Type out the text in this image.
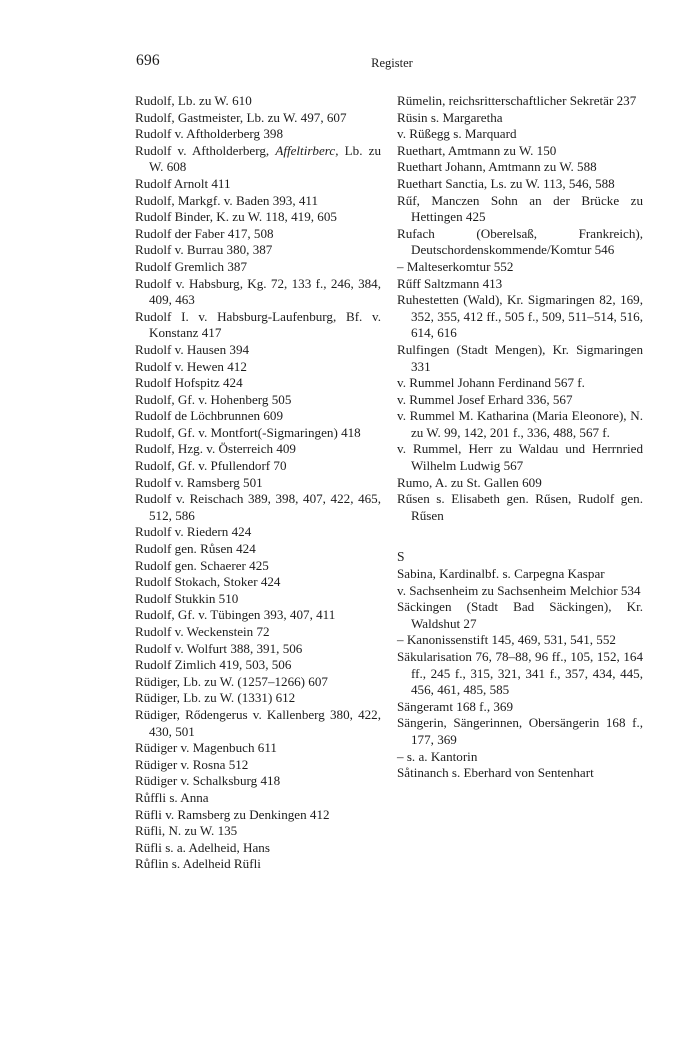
696	Register
Rudolf, Lb. zu W. 610
Rudolf, Gastmeister, Lb. zu W. 497, 607
Rudolf v. Aftholderberg 398
Rudolf v. Aftholderberg, Affeltirberc, Lb. zu W. 608
Rudolf Arnolt 411
Rudolf, Markgf. v. Baden 393, 411
Rudolf Binder, K. zu W. 118, 419, 605
Rudolf der Faber 417, 508
Rudolf v. Burrau 380, 387
Rudolf Gremlich 387
Rudolf v. Habsburg, Kg. 72, 133 f., 246, 384, 409, 463
Rudolf I. v. Habsburg-Laufenburg, Bf. v. Konstanz 417
Rudolf v. Hausen 394
Rudolf v. Hewen 412
Rudolf Hofspitz 424
Rudolf, Gf. v. Hohenberg 505
Rudolf de Löchbrunnen 609
Rudolf, Gf. v. Montfort(-Sigmaringen) 418
Rudolf, Hzg. v. Österreich 409
Rudolf, Gf. v. Pfullendorf 70
Rudolf v. Ramsberg 501
Rudolf v. Reischach 389, 398, 407, 422, 465, 512, 586
Rudolf v. Riedern 424
Rudolf gen. Růsen 424
Rudolf gen. Schaerer 425
Rudolf Stokach, Stoker 424
Rudolf Stukkin 510
Rudolf, Gf. v. Tübingen 393, 407, 411
Rudolf v. Weckenstein 72
Rudolf v. Wolfurt 388, 391, 506
Rudolf Zimlich 419, 503, 506
Rüdiger, Lb. zu W. (1257–1266) 607
Rüdiger, Lb. zu W. (1331) 612
Rüdiger, Rődengerus v. Kallenberg 380, 422, 430, 501
Rüdiger v. Magenbuch 611
Rüdiger v. Rosna 512
Rüdiger v. Schalksburg 418
Růffli s. Anna
Rüfli v. Ramsberg zu Denkingen 412
Rüfli, N. zu W. 135
Rüfli s. a. Adelheid, Hans
Růflin s. Adelheid Rüfli
Rümelin, reichsritterschaftlicher Sekretär 237
Rüsin s. Margaretha
v. Rüßegg s. Marquard
Ruethart, Amtmann zu W. 150
Ruethart Johann, Amtmann zu W. 588
Ruethart Sanctia, Ls. zu W. 113, 546, 588
Rűf, Manczen Sohn an der Brücke zu Hettingen 425
Rufach (Oberelsaß, Frankreich), Deutschordenskommende/Komtur 546
– Malteserkomtur 552
Rűff Saltzmann 413
Ruhestetten (Wald), Kr. Sigmaringen 82, 169, 352, 355, 412 ff., 505 f., 509, 511–514, 516, 614, 616
Rulfingen (Stadt Mengen), Kr. Sigmaringen 331
v. Rummel Johann Ferdinand 567 f.
v. Rummel Josef Erhard 336, 567
v. Rummel M. Katharina (Maria Eleonore), N. zu W. 99, 142, 201 f., 336, 488, 567 f.
v. Rummel, Herr zu Waldau und Herrnried Wilhelm Ludwig 567
Rumo, A. zu St. Gallen 609
Rűsen s. Elisabeth gen. Rűsen, Rudolf gen. Rűsen
S
Sabina, Kardinalbf. s. Carpegna Kaspar
v. Sachsenheim zu Sachsenheim Melchior 534
Säckingen (Stadt Bad Säckingen), Kr. Waldshut 27
– Kanonissenstift 145, 469, 531, 541, 552
Säkularisation 76, 78–88, 96 ff., 105, 152, 164 ff., 245 f., 315, 321, 341 f., 357, 434, 445, 456, 461, 485, 585
Sängeramt 168 f., 369
Sängerin, Sängerinnen, Obersängerin 168 f., 177, 369
– s. a. Kantorin
Såtinanch s. Eberhard von Sentenhart
